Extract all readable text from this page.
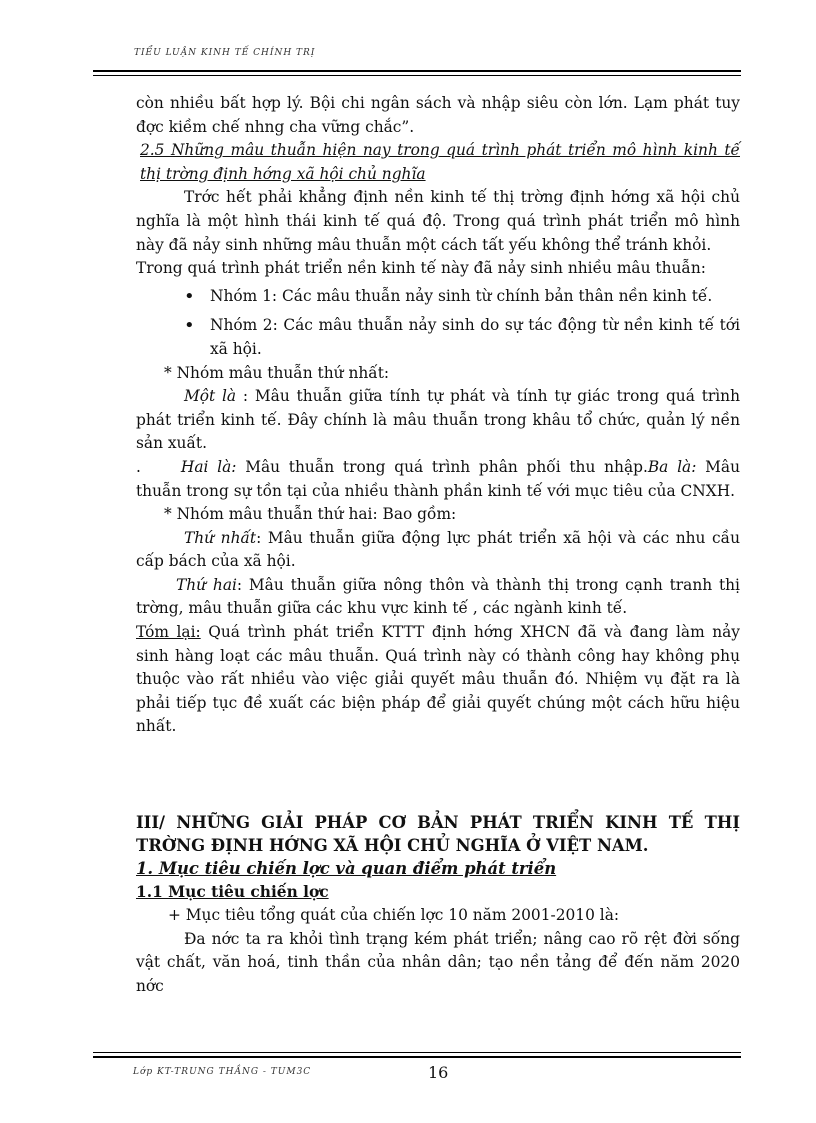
TIỂU LUẬN KINH TẾ CHÍNH TRỊ

còn nhiều bất hợp lý. Bội chi ngân sách và nhập siêu còn lớn. Lạm phát tuy đợc kiềm chế nhng cha vững chắc”.

2.5 Những mâu thuẫn hiện nay trong quá trình phát triển mô hình kinh tế thị trờng định hớng xã hội chủ nghĩa

Trớc hết phải khẳng định nền kinh tế thị trờng định hớng xã hội chủ nghĩa là một hình thái kinh tế quá độ. Trong quá trình phát triển mô hình này đã nảy sinh những mâu thuẫn một cách tất yếu không thể tránh khỏi.

Trong quá trình phát triển nền kinh tế này đã nảy sinh nhiều mâu thuẫn:

• Nhóm 1: Các mâu thuẫn nảy sinh từ chính bản thân nền kinh tế.

• Nhóm 2: Các mâu thuẫn nảy sinh do sự tác động từ nền kinh tế tới xã hội.

* Nhóm mâu thuẫn thứ nhất:

Một là : Mâu thuẫn giữa tính tự phát và tính tự giác trong quá trình phát triển kinh tế. Đây chính là mâu thuẫn trong khâu tổ chức, quản lý nền sản xuất.

.	Hai là: Mâu thuẫn trong quá trình phân phối thu nhập.Ba là: Mâu thuẫn trong sự tồn tại của nhiều thành phần kinh tế với mục tiêu của CNXH.

* Nhóm mâu thuẫn thứ hai: Bao gồm:

Thứ nhất: Mâu thuẫn giữa động lực phát triển xã hội và các nhu cầu cấp bách của xã hội.

Thứ hai: Mâu thuẫn giữa nông thôn và thành thị trong cạnh tranh thị trờng, mâu thuẫn giữa các khu vực kinh tế , các ngành kinh tế.

Tóm lại: Quá trình phát triển KTTT định hớng XHCN đã và đang làm nảy sinh hàng loạt các mâu thuẫn. Quá trình này có thành công hay không phụ thuộc vào rất nhiều vào việc giải quyết mâu thuẫn đó. Nhiệm vụ đặt ra là phải tiếp tục đề xuất các biện pháp để giải quyết chúng một cách hữu hiệu nhất.

III/ NHỮNG GIẢI PHÁP CƠ BẢN PHÁT TRIỂN KINH TẾ THỊ TRỜNG ĐỊNH HỚNG XÃ HỘI CHỦ NGHĨA Ở VIỆT NAM.

1. Mục tiêu chiến lợc và quan điểm phát triển

1.1 Mục tiêu chiến lợc

+ Mục tiêu tổng quát của chiến lợc 10 năm 2001-2010 là:

Đa nớc ta ra khỏi tình trạng kém phát triển; nâng cao rõ rệt đời sống vật chất, văn hoá, tinh thần của nhân dân; tạo nền tảng để đến năm 2020 nớc

Lớp KT-TRUNG THẦNG - TUM3C	16
